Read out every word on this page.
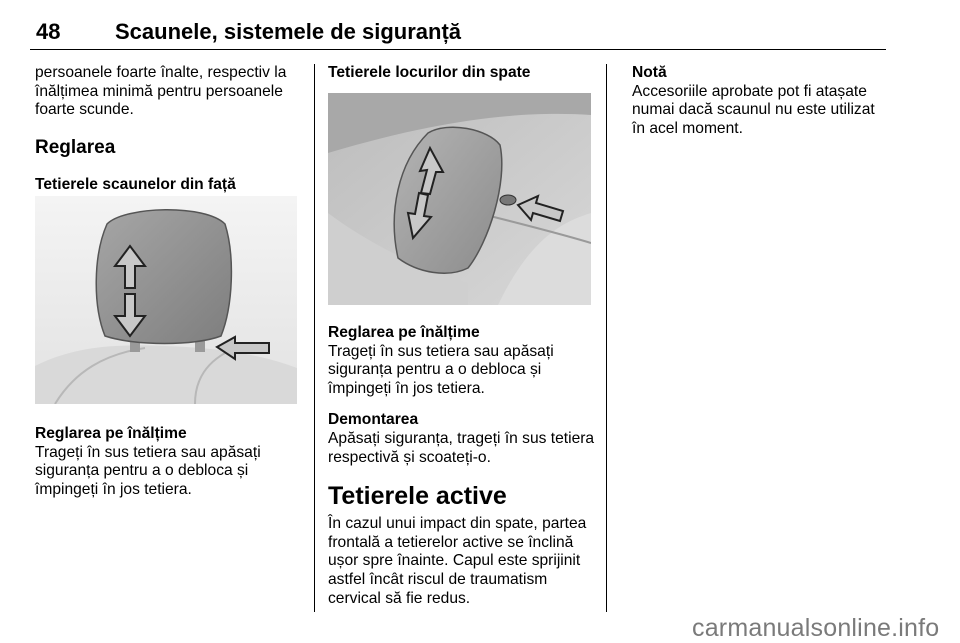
48 Scaunele, sistemele de siguranță

persoanele foarte înalte, respectiv la înălțimea minimă pentru persoanele foarte scunde.

Reglarea

Tetierele scaunelor din față

Reglarea pe înălțime

Trageți în sus tetiera sau apăsați siguranța pentru a o debloca și împingeți în jos tetiera.

Tetierele locurilor din spate

Reglarea pe înălțime

Trageți în sus tetiera sau apăsați siguranța pentru a o debloca și împingeți în jos tetiera.

Demontarea

Apăsați siguranța, trageți în sus tetiera respectivă și scoateți-o.

Tetierele active

În cazul unui impact din spate, partea frontală a tetierelor active se înclină ușor spre înainte. Capul este sprijinit astfel încât riscul de traumatism cervical să fie redus.

Notă

Accesoriile aprobate pot fi atașate numai dacă scaunul nu este utilizat în acel moment.

carmanualsonline.info
